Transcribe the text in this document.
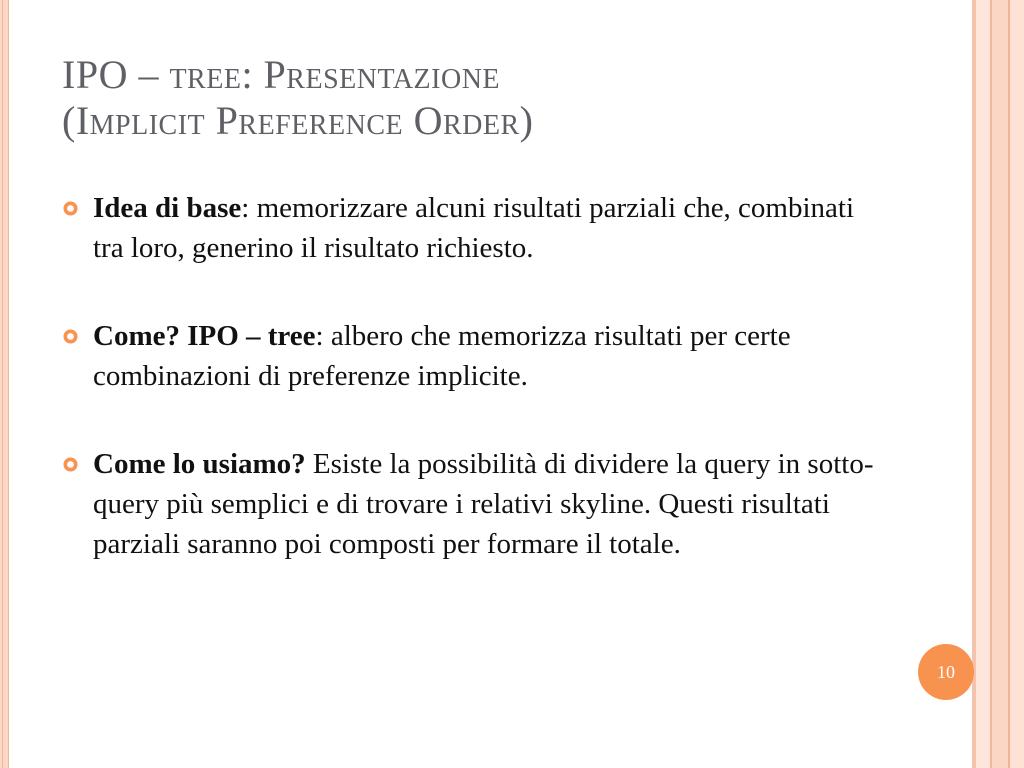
IPO – tree: Presentazione
(Implicit Preference Order)
Idea di base: memorizzare alcuni risultati parziali che, combinati tra loro, generino il risultato richiesto.
Come? IPO – tree: albero che memorizza risultati per certe combinazioni di preferenze implicite.
Come lo usiamo? Esiste la possibilità di dividere la query in sotto-query più semplici e di trovare i relativi skyline. Questi risultati parziali saranno poi composti per formare il totale.
10
